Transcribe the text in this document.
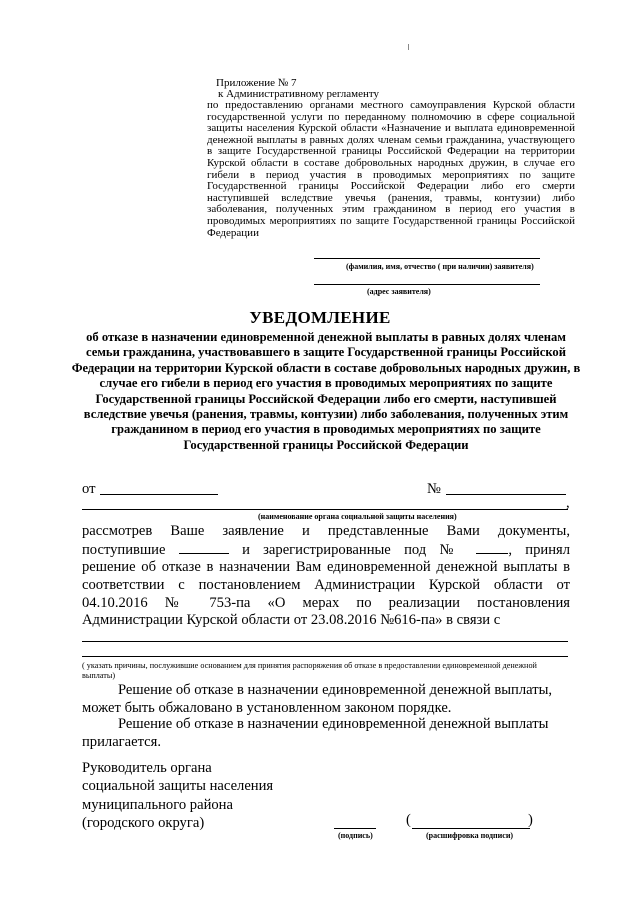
Приложение № 7
к Административному регламенту
по предоставлению органами местного самоуправления Курской области государственной услуги по переданному полномочию в сфере социальной защиты населения Курской области «Назначение и выплата единовременной денежной выплаты в равных долях членам семьи гражданина, участвующего в защите Государственной границы Российской Федерации на территории Курской области в составе добровольных народных дружин, в случае его гибели в период участия в проводимых мероприятиях по защите Государственной границы Российской Федерации либо его смерти наступившей вследствие увечья (ранения, травмы, контузии) либо заболевания, полученных этим гражданином в период его участия в проводимых мероприятиях по защите Государственной границы Российской Федерации
(фамилия, имя, отчество ( при наличии) заявителя)
(адрес заявителя)
УВЕДОМЛЕНИЕ
об отказе в назначении единовременной денежной выплаты в равных долях членам семьи гражданина, участвовавшего в защите Государственной границы Российской Федерации на территории Курской области в составе добровольных народных дружин, в случае его гибели в период его участия в проводимых мероприятиях по защите Государственной границы Российской Федерации либо его смерти, наступившей вследствие увечья (ранения, травмы, контузии) либо заболевания, полученных этим гражданином в период его участия в проводимых мероприятиях по защите Государственной границы Российской Федерации
от	№
,
(наименование органа социальной защиты населения)
рассмотрев Ваше заявление и представленные Вами документы,
поступившие	и зарегистрированные под №	, принял
решение об отказе в назначении Вам единовременной денежной выплаты в
соответствии с постановлением Администрации Курской области от
04.10.2016 № 753-па «О мерах по реализации постановления
Администрации Курской области от 23.08.2016 №616-па» в связи с
( указать причины, послужившие основанием для принятия распоряжения об отказе в предоставлении единовременной денежной выплаты)
Решение об отказе в назначении единовременной денежной выплаты, может быть обжаловано в установленном законом порядке.
Решение об отказе в назначении единовременной денежной выплаты прилагается.
Руководитель органа
социальной защиты населения
муниципального района
(городского округа)
(подпись)
(	)
(расшифровка подписи)
